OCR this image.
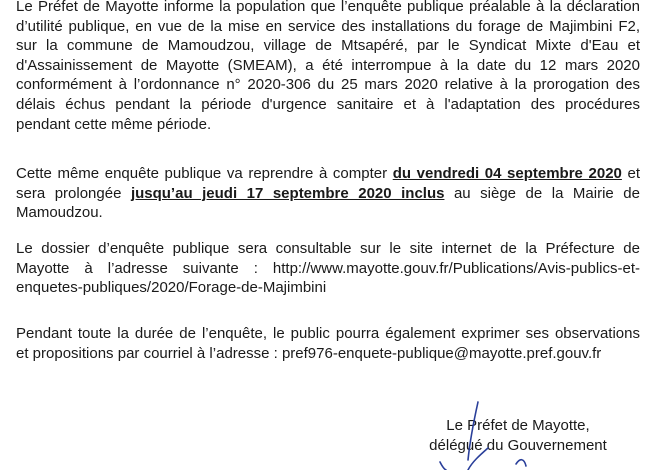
Le Préfet de Mayotte informe la population que l’enquête publique préalable à la déclaration
d’utilité publique, en vue de la mise en service des installations du forage de Majimbini F2,
sur la commune de Mamoudzou, village de Mtsapéré, par le Syndicat Mixte d'Eau et
d'Assainissement de Mayotte (SMEAM), a été interrompue à la date du 12 mars 2020
conformément à l’ordonnance n° 2020-306 du 25 mars 2020 relative à la prorogation des
délais échus pendant la période d'urgence sanitaire et à l'adaptation des procédures
pendant cette même période.

Cette même enquête publique va reprendre à compter du vendredi 04 septembre 2020 et
sera prolongée jusqu’au jeudi 17 septembre 2020 inclus au siège de la Mairie de
Mamoudzou.

Le dossier d’enquête publique sera consultable sur le site internet de la Préfecture de
Mayotte à l’adresse suivante : http://www.mayotte.gouv.fr/Publications/Avis-publics-et-
enquetes-publiques/2020/Forage-de-Majimbini

Pendant toute la durée de l’enquête, le public pourra également exprimer ses observations
et propositions par courriel à l’adresse : pref976-enquete-publique@mayotte.pref.gouv.fr

Le Préfet de Mayotte,
délégué du Gouvernement
